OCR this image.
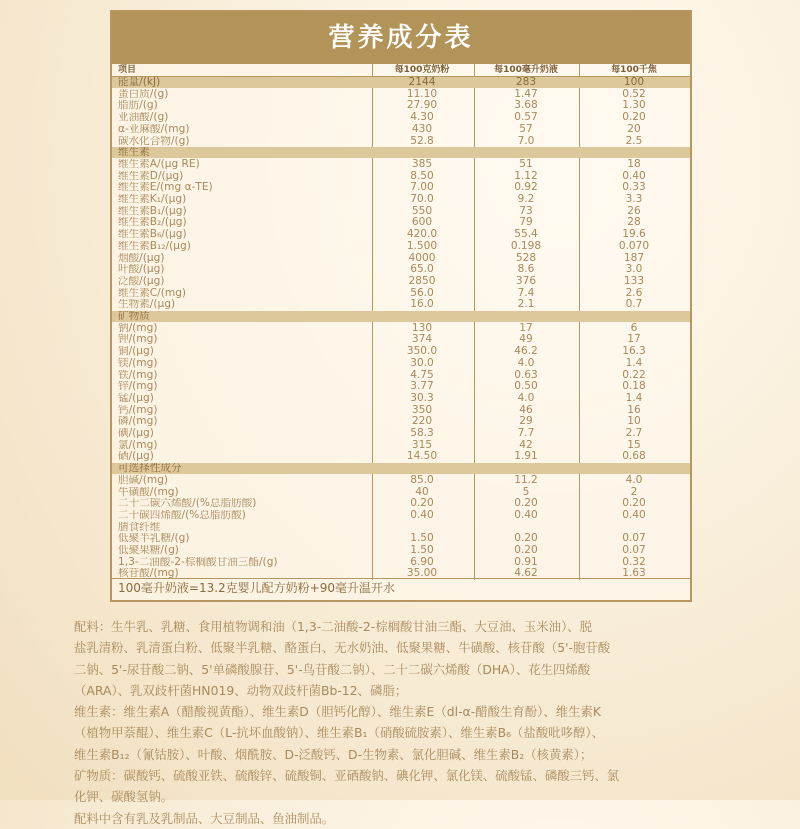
营养成分表
项目	每100克奶粉	每100毫升奶液	每100千焦
能量/(kJ)	2144	283	100
蛋白质/(g)	11.10	1.47	0.52
脂肪/(g)	27.90	3.68	1.30
亚油酸/(g)	4.30	0.57	0.20
α-亚麻酸/(mg)	430	57	20
碳水化合物/(g)	52.8	7.0	2.5
维生素
维生素A/(μg RE)	385	51	18
维生素D/(μg)	8.50	1.12	0.40
维生素E/(mg α-TE)	7.00	0.92	0.33
维生素K₁/(μg)	70.0	9.2	3.3
维生素B₁/(μg)	550	73	26
维生素B₂/(μg)	600	79	28
维生素B₆/(μg)	420.0	55.4	19.6
维生素B₁₂/(μg)	1.500	0.198	0.070
烟酸/(μg)	4000	528	187
叶酸/(μg)	65.0	8.6	3.0
泛酸/(μg)	2850	376	133
维生素C/(mg)	56.0	7.4	2.6
生物素/(μg)	16.0	2.1	0.7
矿物质
钠/(mg)	130	17	6
钾/(mg)	374	49	17
铜/(μg)	350.0	46.2	16.3
镁/(mg)	30.0	4.0	1.4
铁/(mg)	4.75	0.63	0.22
锌/(mg)	3.77	0.50	0.18
锰/(μg)	30.3	4.0	1.4
钙/(mg)	350	46	16
磷/(mg)	220	29	10
碘/(μg)	58.3	7.7	2.7
氯/(mg)	315	42	15
硒/(μg)	14.50	1.91	0.68
可选择性成分
胆碱/(mg)	85.0	11.2	4.0
牛磺酸/(mg)	40	5	2
二十二碳六烯酸/(%总脂肪酸)	0.20	0.20	0.20
二十碳四烯酸/(%总脂肪酸)	0.40	0.40	0.40
膳食纤维
低聚半乳糖/(g)	1.50	0.20	0.07
低聚果糖/(g)	1.50	0.20	0.07
1,3-二油酸-2-棕榈酸甘油三酯/(g)	6.90	0.91	0.32
核苷酸/(mg)	35.00	4.62	1.63
100毫升奶液=13.2克婴儿配方奶粉+90毫升温开水

配料：生牛乳、乳糖、食用植物调和油（1,3-二油酸-2-棕榈酸甘油三酯、大豆油、玉米油）、脱

盐乳清粉、乳清蛋白粉、低聚半乳糖、酪蛋白、无水奶油、低聚果糖、牛磺酸、核苷酸（5'-胞苷酸

二钠、5'-尿苷酸二钠、5'单磷酸腺苷、5'-鸟苷酸二钠）、二十二碳六烯酸（DHA）、花生四烯酸

（ARA）、乳双歧杆菌HN019、动物双歧杆菌Bb-12、磷脂；

维生素：维生素A（醋酸视黄酯）、维生素D（胆钙化醇）、维生素E（dl-α-醋酸生育酚）、维生素K

（植物甲萘醌）、维生素C（L-抗坏血酸钠）、维生素B₁（硝酸硫胺素）、维生素B₆（盐酸吡哆醇）、

维生素B₁₂（氰钴胺）、叶酸、烟酰胺、D-泛酸钙、D-生物素、氯化胆碱、维生素B₂（核黄素）；

矿物质：碳酸钙、硫酸亚铁、硫酸锌、硫酸铜、亚硒酸钠、碘化钾、氯化镁、硫酸锰、磷酸三钙、氯

化钾、碳酸氢钠。

配料中含有乳及乳制品、大豆制品、鱼油制品。
